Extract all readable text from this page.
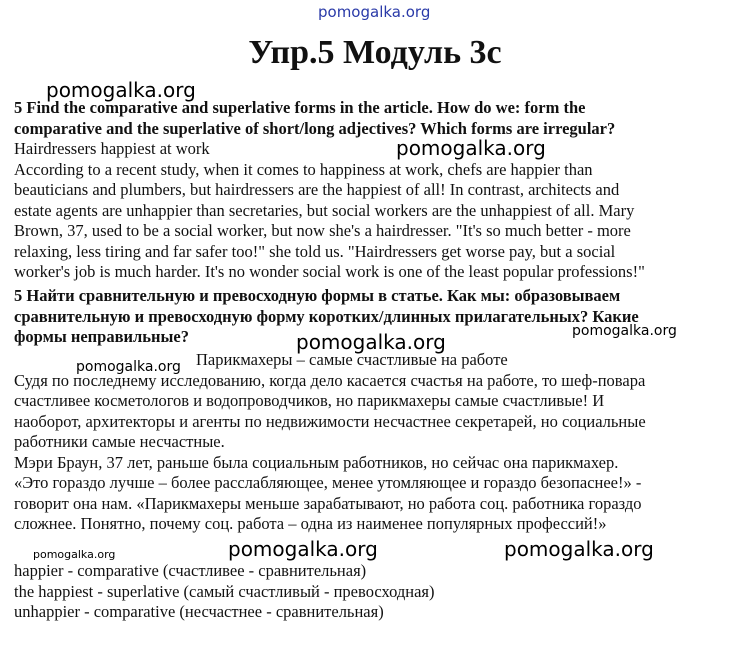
pomogalka.org
Упр.5 Модуль 3с
pomogalka.org
5 Find the comparative and superlative forms in the article. How do we: form the
comparative and the superlative of short/long adjectives? Which forms are irregular?
Hairdressers happiest at work
According to a recent study, when it comes to happiness at work, chefs are happier than
beauticians and plumbers, but hairdressers are the happiest of all! In contrast, architects and
estate agents are unhappier than secretaries, but social workers are the unhappiest of all. Mary
Brown, 37, used to be a social worker, but now she's a hairdresser. "It's so much better - more
relaxing, less tiring and far safer too!" she told us. "Hairdressers get worse pay, but a social
worker's job is much harder. It's no wonder social work is one of the least popular professions!"
pomogalka.org
5 Найти сравнительную и превосходную формы в статье. Как мы: образовываем
сравнительную и превосходную форму коротких/длинных прилагательных? Какие
формы неправильные?	pomogalka.org
pomogalka.org
pomogalka.org Парикмахеры – самые счастливые на работе
Судя по последнему исследованию, когда дело касается счастья на работе, то шеф-повара
счастливее косметологов и водопроводчиков, но парикмахеры самые счастливые! И
наоборот, архитекторы и агенты по недвижимости несчастнее секретарей, но социальные
работники самые несчастные.
Мэри Браун, 37 лет, раньше была социальным работников, но сейчас она парикмахер.
«Это гораздо лучше – более расслабляющее, менее утомляющее и гораздо безопаснее!» -
говорит она нам. «Парикмахеры меньше зарабатывают, но работа соц. работника гораздо
сложнее. Понятно, почему соц. работа – одна из наименее популярных профессий!»
pomogalka.org	pomogalka.org	pomogalka.org
happier - comparative (счастливее - сравнительная)
the happiest - superlative (самый счастливый - превосходная)
unhappier - comparative (несчастнее - сравнительная)
